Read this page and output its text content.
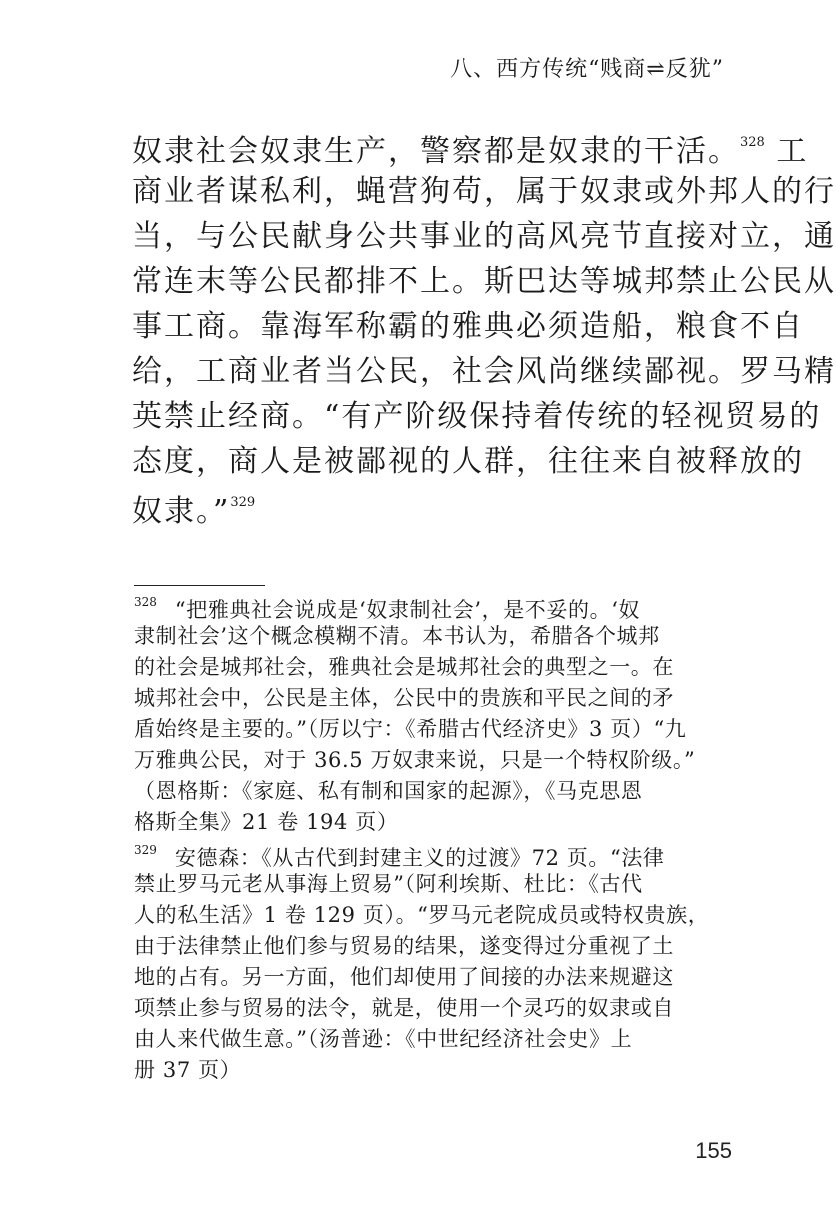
八、西方传统“贱商⇌反犹”
奴隶社会奴隶生产，警察都是奴隶的干活。$^{328}$ 工
商业者谋私利，蝇营狗苟，属于奴隶或外邦人的行
当，与公民献身公共事业的高风亮节直接对立，通
常连末等公民都排不上。斯巴达等城邦禁止公民从
事工商。靠海军称霸的雅典必须造船，粮食不自
给，工商业者当公民，社会风尚继续鄙视。罗马精
英禁止经商。“有产阶级保持着传统的轻视贸易的
态度，商人是被鄙视的人群，往往来自被释放的
奴隶。”$^{329}$
$^{328}$ “把雅典社会说成是‘奴隶制社会’，是不妥的。‘奴
隶制社会’这个概念模糊不清。本书认为，希腊各个城邦
的社会是城邦社会，雅典社会是城邦社会的典型之一。在
城邦社会中，公民是主体，公民中的贵族和平民之间的矛
盾始终是主要的。”（厉以宁：《希腊古代经济史》3 页）“九
万雅典公民，对于 36.5 万奴隶来说，只是一个特权阶级。”
（恩格斯：《家庭、私有制和国家的起源》，《马克思恩
格斯全集》21 卷 194 页）
$^{329}$ 安德森：《从古代到封建主义的过渡》72 页。“法律
禁止罗马元老从事海上贸易”（阿利埃斯、杜比：《古代
人的私生活》1 卷 129 页）。“罗马元老院成员或特权贵族，
由于法律禁止他们参与贸易的结果，遂变得过分重视了土
地的占有。另一方面，他们却使用了间接的办法来规避这
项禁止参与贸易的法令，就是，使用一个灵巧的奴隶或自
由人来代做生意。”（汤普逊：《中世纪经济社会史》上
册 37 页）
155
